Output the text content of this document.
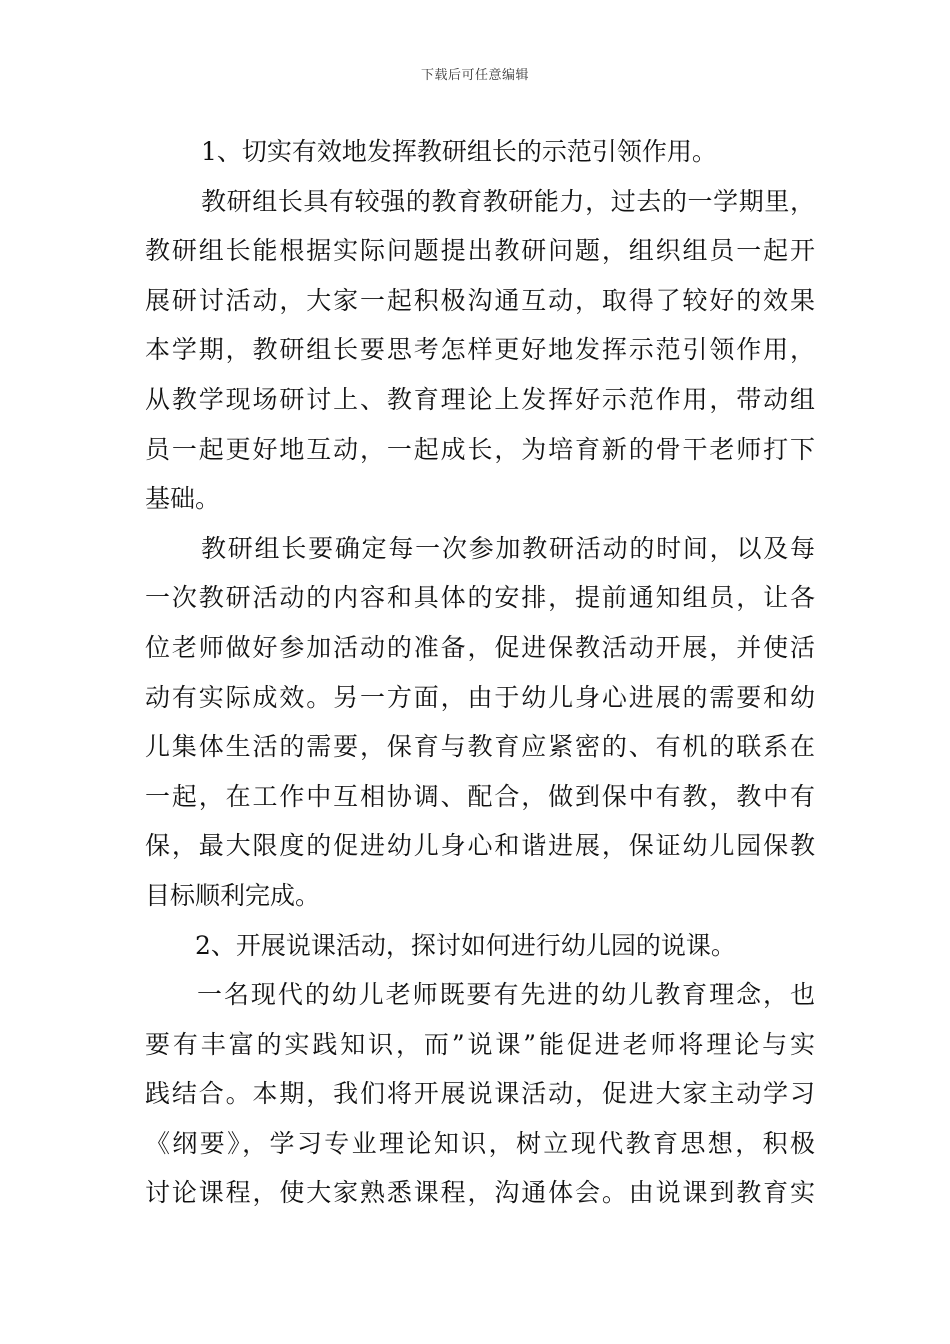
下载后可任意编辑
1、切实有效地发挥教研组长的示范引领作用。
教研组长具有较强的教育教研能力，过去的一学期里，
教研组长能根据实际问题提出教研问题，组织组员一起开
展研讨活动，大家一起积极沟通互动，取得了较好的效果
本学期，教研组长要思考怎样更好地发挥示范引领作用，
从教学现场研讨上、教育理论上发挥好示范作用，带动组
员一起更好地互动，一起成长，为培育新的骨干老师打下
基础。
教研组长要确定每一次参加教研活动的时间，以及每
一次教研活动的内容和具体的安排，提前通知组员，让各
位老师做好参加活动的准备，促进保教活动开展，并使活
动有实际成效。另一方面，由于幼儿身心进展的需要和幼
儿集体生活的需要，保育与教育应紧密的、有机的联系在
一起，在工作中互相协调、配合，做到保中有教，教中有
保，最大限度的促进幼儿身心和谐进展，保证幼儿园保教
目标顺利完成。
2、开展说课活动，探讨如何进行幼儿园的说课。
一名现代的幼儿老师既要有先进的幼儿教育理念，也
要有丰富的实践知识，而”说课”能促进老师将理论与实
践结合。本期，我们将开展说课活动，促进大家主动学习
《纲要》，学习专业理论知识，树立现代教育思想，积极
讨论课程，使大家熟悉课程，沟通体会。由说课到教育实
